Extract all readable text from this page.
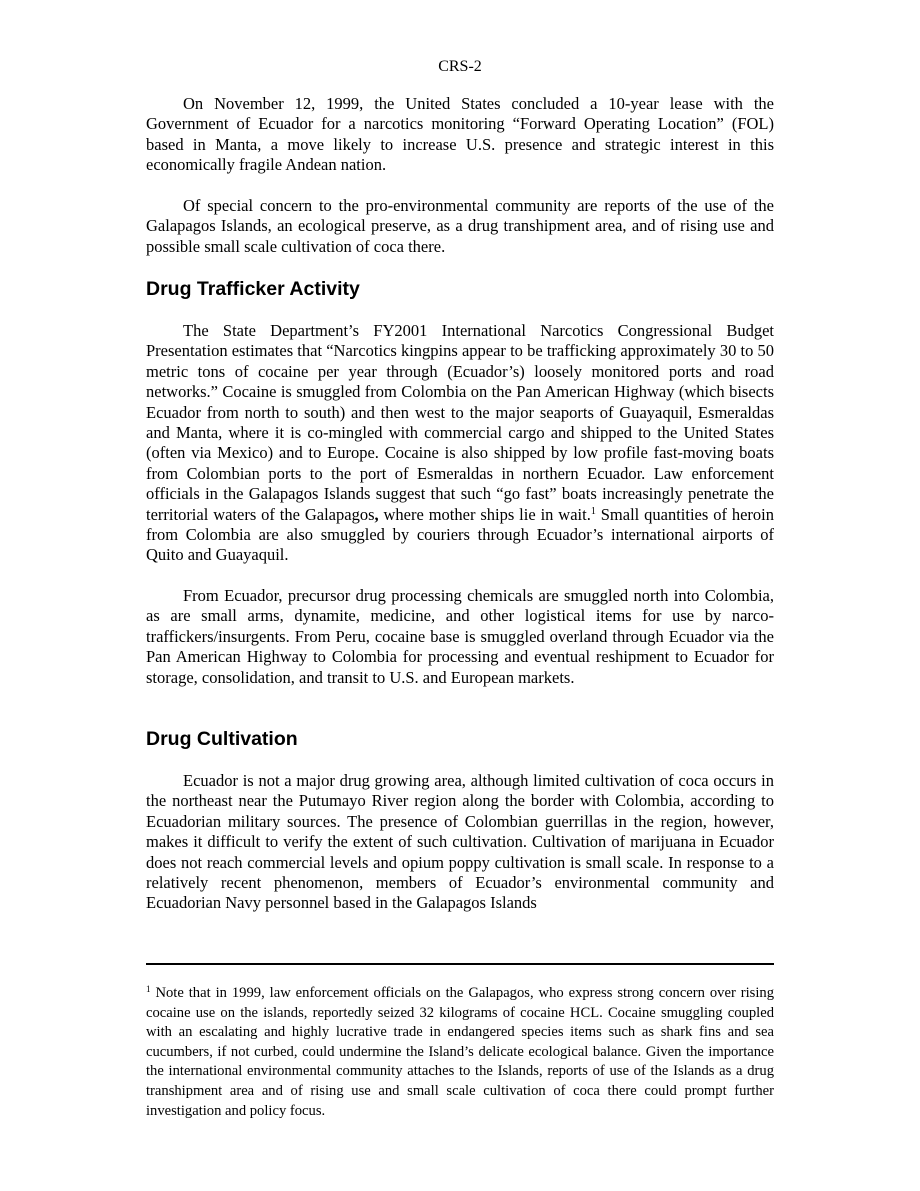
CRS-2

On November 12, 1999, the United States concluded a 10-year lease with the Government of Ecuador for a narcotics monitoring “Forward Operating Location” (FOL) based in Manta, a move likely to increase U.S. presence and strategic interest in this economically fragile Andean nation.

Of special concern to the pro-environmental community are reports of the use of the Galapagos Islands, an ecological preserve, as a drug transhipment area, and of rising use and possible small scale cultivation of coca there.

Drug Trafficker Activity

The State Department’s FY2001 International Narcotics Congressional Budget Presentation estimates that “Narcotics kingpins appear to be trafficking approximately 30 to 50 metric tons of cocaine per year through (Ecuador’s) loosely monitored ports and road networks.” Cocaine is smuggled from Colombia on the Pan American Highway (which bisects Ecuador from north to south) and then west to the major seaports of Guayaquil, Esmeraldas and Manta, where it is co-mingled with commercial cargo and shipped to the United States (often via Mexico) and to Europe. Cocaine is also shipped by low profile fast-moving boats from Colombian ports to the port of Esmeraldas in northern Ecuador. Law enforcement officials in the Galapagos Islands suggest that such “go fast” boats increasingly penetrate the territorial waters of the Galapagos, where mother ships lie in wait.$^1$ Small quantities of heroin from Colombia are also smuggled by couriers through Ecuador’s international airports of Quito and Guayaquil.

From Ecuador, precursor drug processing chemicals are smuggled north into Colombia, as are small arms, dynamite, medicine, and other logistical items for use by narco-traffickers/insurgents. From Peru, cocaine base is smuggled overland through Ecuador via the Pan American Highway to Colombia for processing and eventual reshipment to Ecuador for storage, consolidation, and transit to U.S. and European markets.

Drug Cultivation

Ecuador is not a major drug growing area, although limited cultivation of coca occurs in the northeast near the Putumayo River region along the border with Colombia, according to Ecuadorian military sources. The presence of Colombian guerrillas in the region, however, makes it difficult to verify the extent of such cultivation. Cultivation of marijuana in Ecuador does not reach commercial levels and opium poppy cultivation is small scale. In response to a relatively recent phenomenon, members of Ecuador’s environmental community and Ecuadorian Navy personnel based in the Galapagos Islands

$^1$ Note that in 1999, law enforcement officials on the Galapagos, who express strong concern over rising cocaine use on the islands, reportedly seized 32 kilograms of cocaine HCL. Cocaine smuggling coupled with an escalating and highly lucrative trade in endangered species items such as shark fins and sea cucumbers, if not curbed, could undermine the Island’s delicate ecological balance. Given the importance the international environmental community attaches to the Islands, reports of use of the Islands as a drug transhipment area and of rising use and small scale cultivation of coca there could prompt further investigation and policy focus.
